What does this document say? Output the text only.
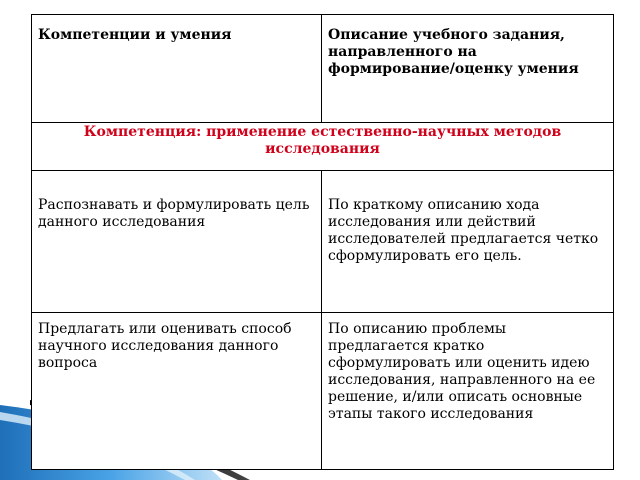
Компетенции и умения	Описание учебного задания, направленного на формирование/оценку умения

Компетенция: применение естественно-научных методов исследования	

Распознавать и формулировать цель данного исследования	По краткому описанию хода исследования или действий исследователей предлагается четко сформулировать его цель.

Предлагать или оценивать способ научного исследования данного вопроса	По описанию проблемы предлагается кратко сформулировать или оценить идею исследования, направленного на ее решение, и/или описать основные этапы такого исследования
